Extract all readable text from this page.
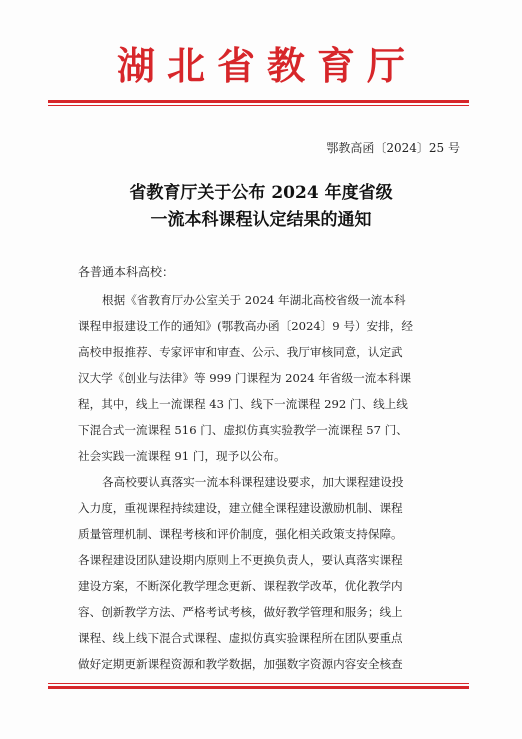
湖北省教育厅
鄂教高函〔2024〕25 号
省教育厅关于公布 2024 年度省级
一流本科课程认定结果的通知
各普通本科高校：
根据《省教育厅办公室关于 2024 年湖北高校省级一流本科
课程申报建设工作的通知》(鄂教高办函〔2024〕9 号）安排，经
高校申报推荐、专家评审和审查、公示、我厅审核同意，认定武
汉大学《创业与法律》等 999 门课程为 2024 年省级一流本科课
程，其中，线上一流课程 43 门、线下一流课程 292 门、线上线
下混合式一流课程 516 门、虚拟仿真实验教学一流课程 57 门、
社会实践一流课程 91 门，现予以公布。
各高校要认真落实一流本科课程建设要求，加大课程建设投
入力度，重视课程持续建设，建立健全课程建设激励机制、课程
质量管理机制、课程考核和评价制度，强化相关政策支持保障。
各课程建设团队建设期内原则上不更换负责人，要认真落实课程
建设方案，不断深化教学理念更新、课程教学改革，优化教学内
容、创新教学方法、严格考试考核，做好教学管理和服务；线上
课程、线上线下混合式课程、虚拟仿真实验课程所在团队要重点
做好定期更新课程资源和教学数据，加强数字资源内容安全核查
